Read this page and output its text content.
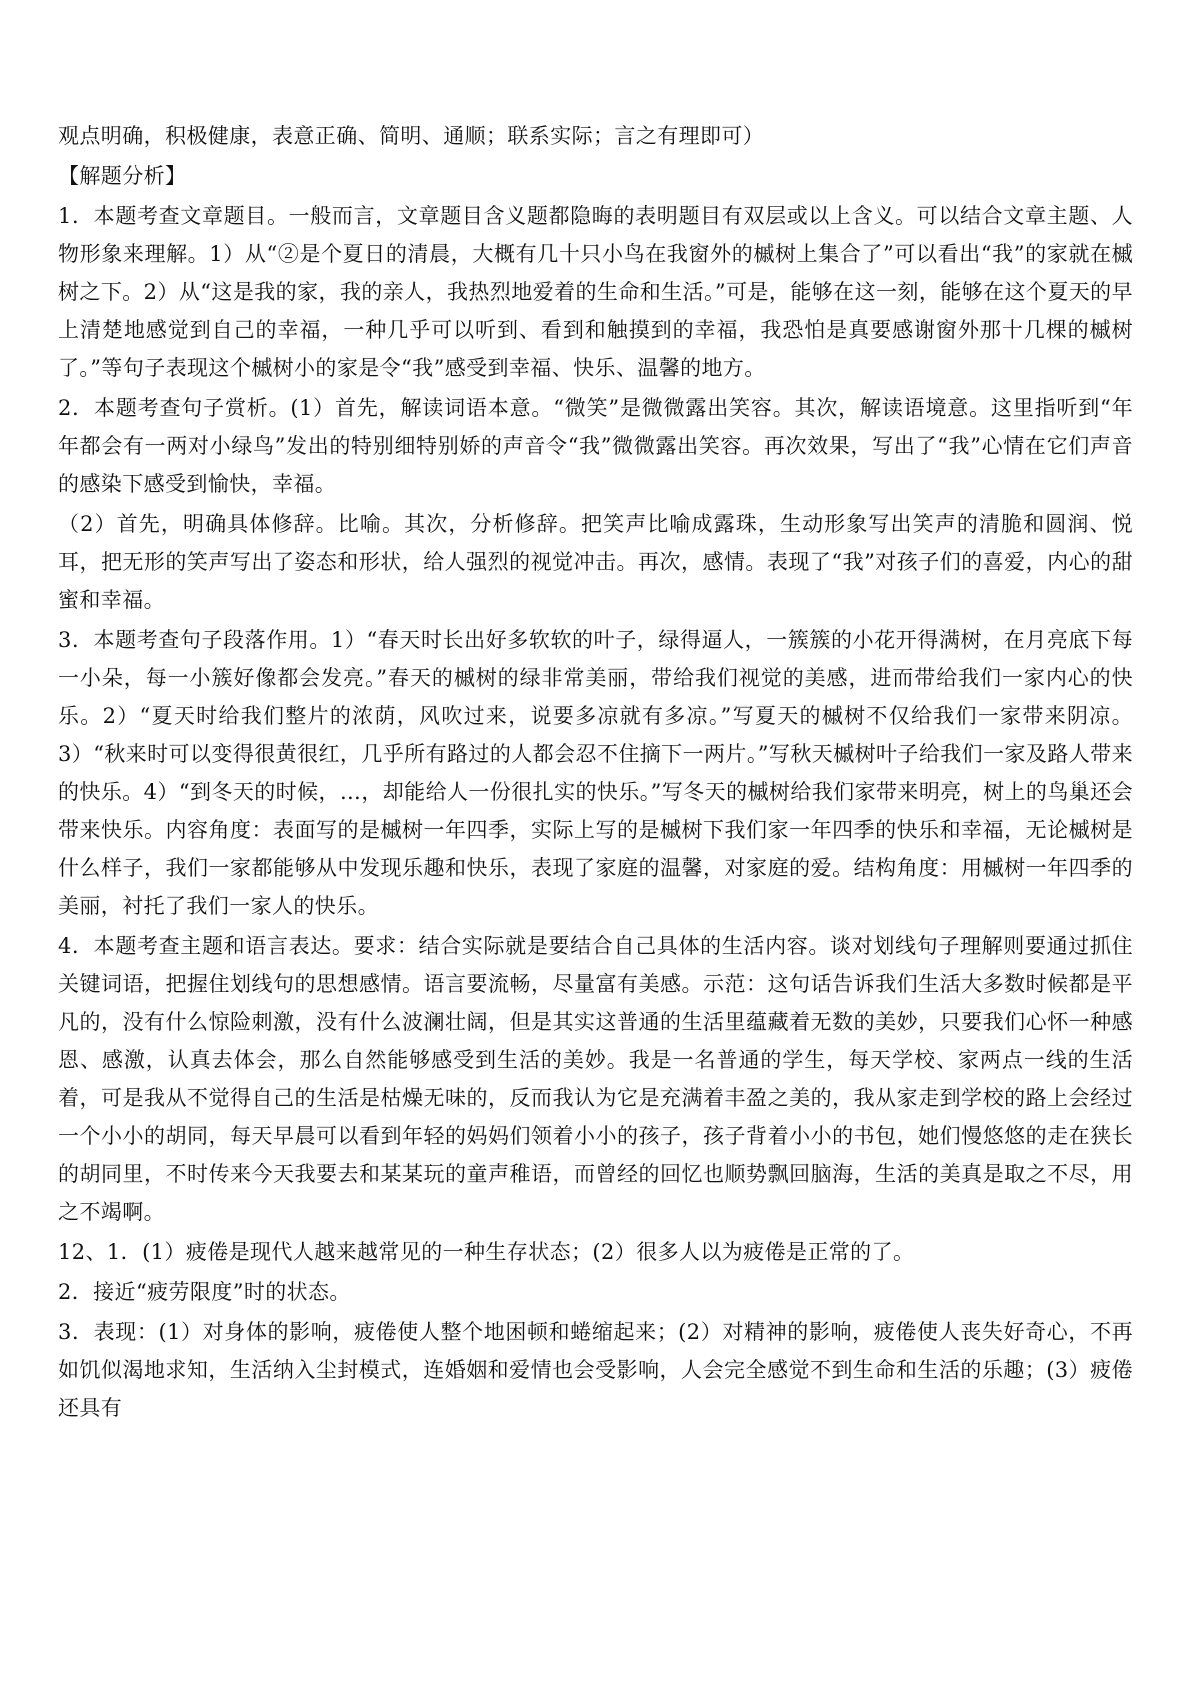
观点明确，积极健康，表意正确、简明、通顺；联系实际；言之有理即可）

【解题分析】

1．本题考查文章题目。一般而言，文章题目含义题都隐晦的表明题目有双层或以上含义。可以结合文章主题、人物形象来理解。1）从“②是个夏日的清晨，大概有几十只小鸟在我窗外的槭树上集合了”可以看出“我”的家就在槭树之下。2）从“这是我的家，我的亲人，我热烈地爱着的生命和生活。”可是，能够在这一刻，能够在这个夏天的早上清楚地感觉到自己的幸福，一种几乎可以听到、看到和触摸到的幸福，我恐怕是真要感谢窗外那十几棵的槭树了。”等句子表现这个槭树小的家是令“我”感受到幸福、快乐、温馨的地方。

2．本题考查句子赏析。(1）首先，解读词语本意。“微笑”是微微露出笑容。其次，解读语境意。这里指听到“年年都会有一两对小绿鸟”发出的特别细特别娇的声音令“我”微微露出笑容。再次效果，写出了“我”心情在它们声音的感染下感受到愉快，幸福。

（2）首先，明确具体修辞。比喻。其次，分析修辞。把笑声比喻成露珠，生动形象写出笑声的清脆和圆润、悦耳，把无形的笑声写出了姿态和形状，给人强烈的视觉冲击。再次，感情。表现了“我”对孩子们的喜爱，内心的甜蜜和幸福。

3．本题考查句子段落作用。1）“春天时长出好多软软的叶子，绿得逼人，一簇簇的小花开得满树，在月亮底下每一小朵，每一小簇好像都会发亮。”春天的槭树的绿非常美丽，带给我们视觉的美感，进而带给我们一家内心的快乐。2）“夏天时给我们整片的浓荫，风吹过来，说要多凉就有多凉。”写夏天的槭树不仅给我们一家带来阴凉。3）“秋来时可以变得很黄很红，几乎所有路过的人都会忍不住摘下一两片。”写秋天槭树叶子给我们一家及路人带来的快乐。4）“到冬天的时候，…，却能给人一份很扎实的快乐。”写冬天的槭树给我们家带来明亮，树上的鸟巢还会带来快乐。内容角度：表面写的是槭树一年四季，实际上写的是槭树下我们家一年四季的快乐和幸福，无论槭树是什么样子，我们一家都能够从中发现乐趣和快乐，表现了家庭的温馨，对家庭的爱。结构角度：用槭树一年四季的美丽，衬托了我们一家人的快乐。

4．本题考查主题和语言表达。要求：结合实际就是要结合自己具体的生活内容。谈对划线句子理解则要通过抓住关键词语，把握住划线句的思想感情。语言要流畅，尽量富有美感。示范：这句话告诉我们生活大多数时候都是平凡的，没有什么惊险刺激，没有什么波澜壮阔，但是其实这普通的生活里蕴藏着无数的美妙，只要我们心怀一种感恩、感激，认真去体会，那么自然能够感受到生活的美妙。我是一名普通的学生，每天学校、家两点一线的生活着，可是我从不觉得自己的生活是枯燥无味的，反而我认为它是充满着丰盈之美的，我从家走到学校的路上会经过一个小小的胡同，每天早晨可以看到年轻的妈妈们领着小小的孩子，孩子背着小小的书包，她们慢悠悠的走在狭长的胡同里，不时传来今天我要去和某某玩的童声稚语，而曾经的回忆也顺势飘回脑海，生活的美真是取之不尽，用之不竭啊。

12、1．(1）疲倦是现代人越来越常见的一种生存状态；(2）很多人以为疲倦是正常的了。

2．接近“疲劳限度”时的状态。

3．表现：(1）对身体的影响，疲倦使人整个地困顿和蜷缩起来；(2）对精神的影响，疲倦使人丧失好奇心，不再如饥似渴地求知，生活纳入尘封模式，连婚姻和爱情也会受影响，人会完全感觉不到生命和生活的乐趣；(3）疲倦还具有
